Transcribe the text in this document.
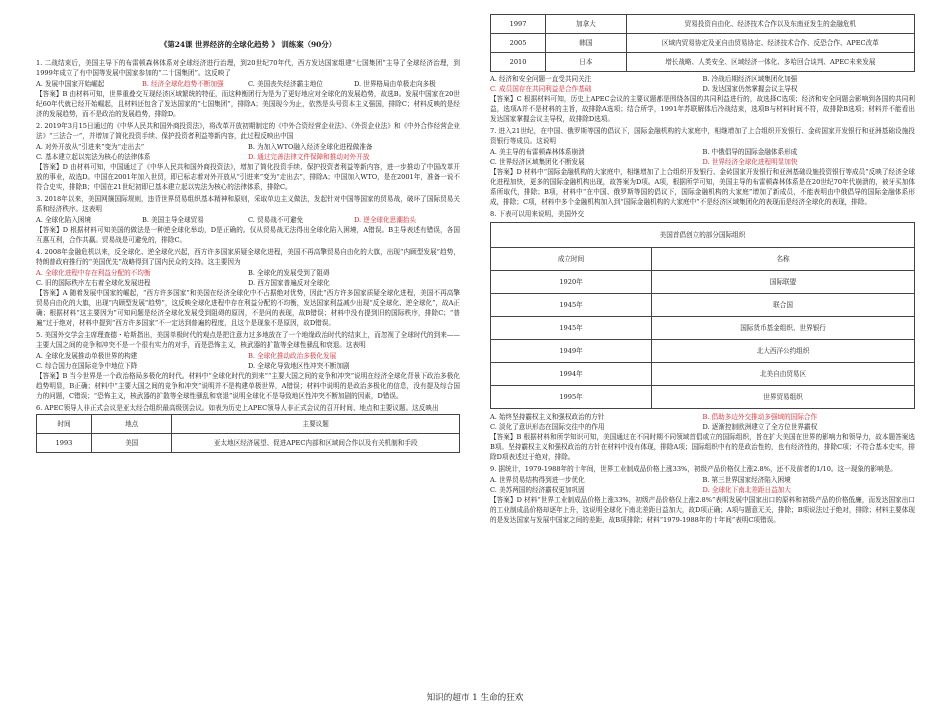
《第24课 世界经济的全球化趋势 》 训练案（90分）
1. 二战结束后，美国主导下的布雷顿森林体系对全球经济进行治理，到20世纪70年代，西方发达国家组建“七国集团”主导了全球经济治理，到1999年成立了有中国等发展中国家参加的“二十国集团”。这反映了
A. 发展中国家开始崛起	B. 经济全球化趋势不断加强	C. 美国丧失经济霸主地位	D. 世界格局由单极走向多极
【答案】B 由材料可知，世界重叠交互现经济区域繁统的特征，而这种衡团行为是为了更好地应对全球化的发展趋势，故选B。发展中国家在20世纪60年代就已经开始崛起，且材料还包含了发达国家的“七国集团”，排除A；美国现今为止，依然是头号资本主义强国，排除C；材料反映的是经济的发展趋势，而不是政治的发展趋势，排除D。
2. 2019年3月15日通过的《中华人民共和国外商投资法》，将改革开放初期制定的《中外合资经营企业法》、《外资企业法》和《中外合作经营企业法》“三法合一”，并增加了简化投资手续、保护投资者利益等新内容，此过程反映出中国
A. 对外开放从“引进来”变为“走出去”	B. 为加入WTO融入经济全球化进程做准备
C. 基本建立起以宪法为核心的法律体系	D. 通过完善法律文件保障和推动对外开放
【答案】D 由材料可知，中国通过了《中华人民共和国外商投资法》，增加了简化投资手续、保护投资者利益等新内容，进一步推动了中国改革开放的事业，故选D。中国在2001年加入世贸，即已标志着对外开放从“引进来”变为“走出去”，排除A；中国加入WTO，是在2001年，准备一说不符合史实，排除B；中国在21世纪初即已基本建立起以宪法为核心的法律体系，排除C。
3. 2018年以来，美国网攘国际规则，违背世界贸易组织基本精神和原则，采取单边主义做法，发起针对中国等国家的贸易战，破坏了国际贸易关系和经济秩序。这表明
A. 全球化陷入困境	B. 美国主导全球贸易	C. 贸易战不可避免	D. 逆全球化思潮抬头
【答案】D 根据材料可知美国的做法是一种逆全球化举动，D是正确的。仅从贸易战无法得出全球化陷入困境，A错误。B主导表述有错误，各国互惠互利，合作共赢。贸易战是可避免的，排除C。
4. 2008年金融危机以来，反全球化、逆全球化兴起，西方许多国家质疑全球化进程，美国不再高擎贸易自由化的大旗，出现“内顾型发展”趋势，特朗普政府推行的“美国优先”战略得到了国内民众的支持。这主要因为
A. 全球化进程中存在利益分配的不均衡	B. 全球化的发展受到了阻碍
C. 旧的国际秩序左右着全球化发展进程	D. 西方国家普遍反对全球化
【答案】A 随着发展中国家的崛起，“西方许多国家”和美国在经济全球化中不占据绝对优势，因此“西方许多国家质疑全球化进程，美国不再高擎贸易自由化的大旗，出现“内顾型发展”趋势”，这反映全球化进程中存在利益分配的不均衡，发达国家利益减少出现“反全球化、逆全球化”，故A正确；根据材料“这主要因为”可知问题是经济全球化发展受到阻碍的原因，不是问的表现，故B错误；材料中没有提到旧的国际秩序，排除C；“普遍”过于绝对，材料中提到“西方许多国家”不一定达到普遍的程度，且这个是现象不是原因，故D错误。
5. 美国外交学会主席理查德・哈斯指出，美国单极时代的观点是把注意力过多地放在了一个地缘政治时代的结束上，而忽视了全球时代的到来——主要大国之间的竞争和冲突不是一个很有实力的对手，而是恐怖主义，核武器的扩散等全球性骚乱和衰退。这表明
A. 全球化发展推动单极世界的构建	B. 全球化推动政治多极化发展
C. 综合国力在国际竞争中地位下降	D. 全球化导致地区性冲突不断加剧
【答案】B 当今世界是一个政治格局多极化的时代。材料中“全球化时代的到来”“主要大国之间的竞争和冲突”说明在经济全球化背景下政治多极化趋势明显，B正确；材料中“主要大国之间的竞争和冲突”说明并不是构建单极世界，A错误；材料中说明的是政治多极化的信息，没有提及综合国力的问题，C错误；“恐怖主义，核武器的扩散等全球性骚乱和衰退”说明全球化不是导致地区性冲突不断加剧的因素，D错误。
6. APEC领导人非正式会议是亚太经合组织最高级别会议。如表为历史上APEC领导人非正式会议的召开时间、地点和主要议题。这反映出
时间	地点	主要议题
1993	美国	亚太地区经济展望、促进APEC内部和区域间合作以及有关机制和手段
1997	加拿大	贸易投资自由化、经济技术合作以及东南亚发生的金融危机
2005	韩国	区域内贸易协定及亚自由贸易协定、经济技术合作、反恐合作、APEC改革
2010	日本	增长战略、人类安全、区域经济一体化、多哈回合谈判、APEC未来发展
A. 经济和安全问题一直受共同关注	B. 冷战后期经济区域集团化加强
C. 成员国存在共同利益是合作基础	D. 发达国家仍然掌握会议主导权
【答案】C 根据材料可知，历史上APEC会议的主要议题都是围绕各国的共同利益进行的，故选择C选项；经济和安全问题会影响到各国的共同利益，选项A并不是材料的主旨，故排除A选项；结合所学，1991年苏联解体后冷战结束，选项B与材料时间不符，故排除B选项；材料并不能看出发达国家掌握会议主导权，故排除D选项。
7. 进入21世纪，在中国、俄罗斯等国的倡议下，国际金融机构的大家庭中，相继增加了上合组织开发银行、金砖国家开发银行和亚洲基础设施投资银行等成员。这说明
A. 美主导的布雷顿森林体系崩溃	B. 中俄倡导的国际金融体系形成
C. 世界经济区域集团化不断发展	D. 世界经济全球化进程明显加快
【答案】D 材料中“国际金融机构的大家庭中，相继增加了上合组织开发银行、金砖国家开发银行和亚洲基础设施投资银行等成员”反映了经济全球化进程加快，更多的国际金融机构出现，故答案为D项。A项，根据所学可知，美国主导的布雷顿森林体系是在20世纪70年代崩溃的，被牙买加体系所取代，排除；B项，材料中“在中国、俄罗斯等国的倡议下，国际金融机构的大家庭”增加了新成员，不能表明由中俄倡导的国际金融体系形成，排除；C项，材料中多个金融机构加入到“国际金融机构的大家庭中”不是经济区域集团化的表现而是经济全球化的表现，排除。
8. 下表可以用来说明，美国外交
美国首倡创立的部分国际组织	
成立时间	名称
1920年	国际联盟
1945年	联合国
1945年	国际货币基金组织、世界银行
1949年	北大西洋公约组织
1994年	北美自由贸易区
1995年	世界贸易组织
A. 始终坚持霸权主义和强权政治的方针	B. 倡助多边外交推动多强域的国际合作
C. 淡化了意识形态在国际交往中的作用	D. 逐渐控制欧洲建立了全方位世界霸权
【答案】B 根据材料和所学知识可知，美国通过在不同时期不同领域首倡或立的国际组织，旨在扩大美国在世界的影响力和领导力，故本题答案选B项。坚持霸权主义和强权政治的方针在材料中没有体现，排除A项；国际组织中有的是政治性的，也有经济性的，排除C项；不符合基本史实，排除D项表述过于绝对，排除。
9. 据统计，1979-1988年的十年间，世界工业制成品价格上涨33%，初级产品价格仅上涨2.8%，还不及前者的1/10。这一现象的影响是。
A. 世界贸易结构得到进一步优化	B. 第三世界国家经济陷入困境
C. 美苏两国的经济霸权更加巩固	D. 全球化下南北差距日益加大
【答案】D 材料“世界工业制成品价格上涨33%，初级产品价格仅上涨2.8%”表明发展中国家出口的原料和初级产品的价格低廉，而发达国家出口的工业制成品价格却逐年上升，这说明全球化下南北差距日益加大，故D项正确；A项与题意无关，排除；B项说法过于绝对，排除；材料主要体现的是发达国家与发展中国家之间的差距，故B项排除；材料“1979-1988年的十年间”表明C项错误。
知识的超市 1 生命的狂欢
